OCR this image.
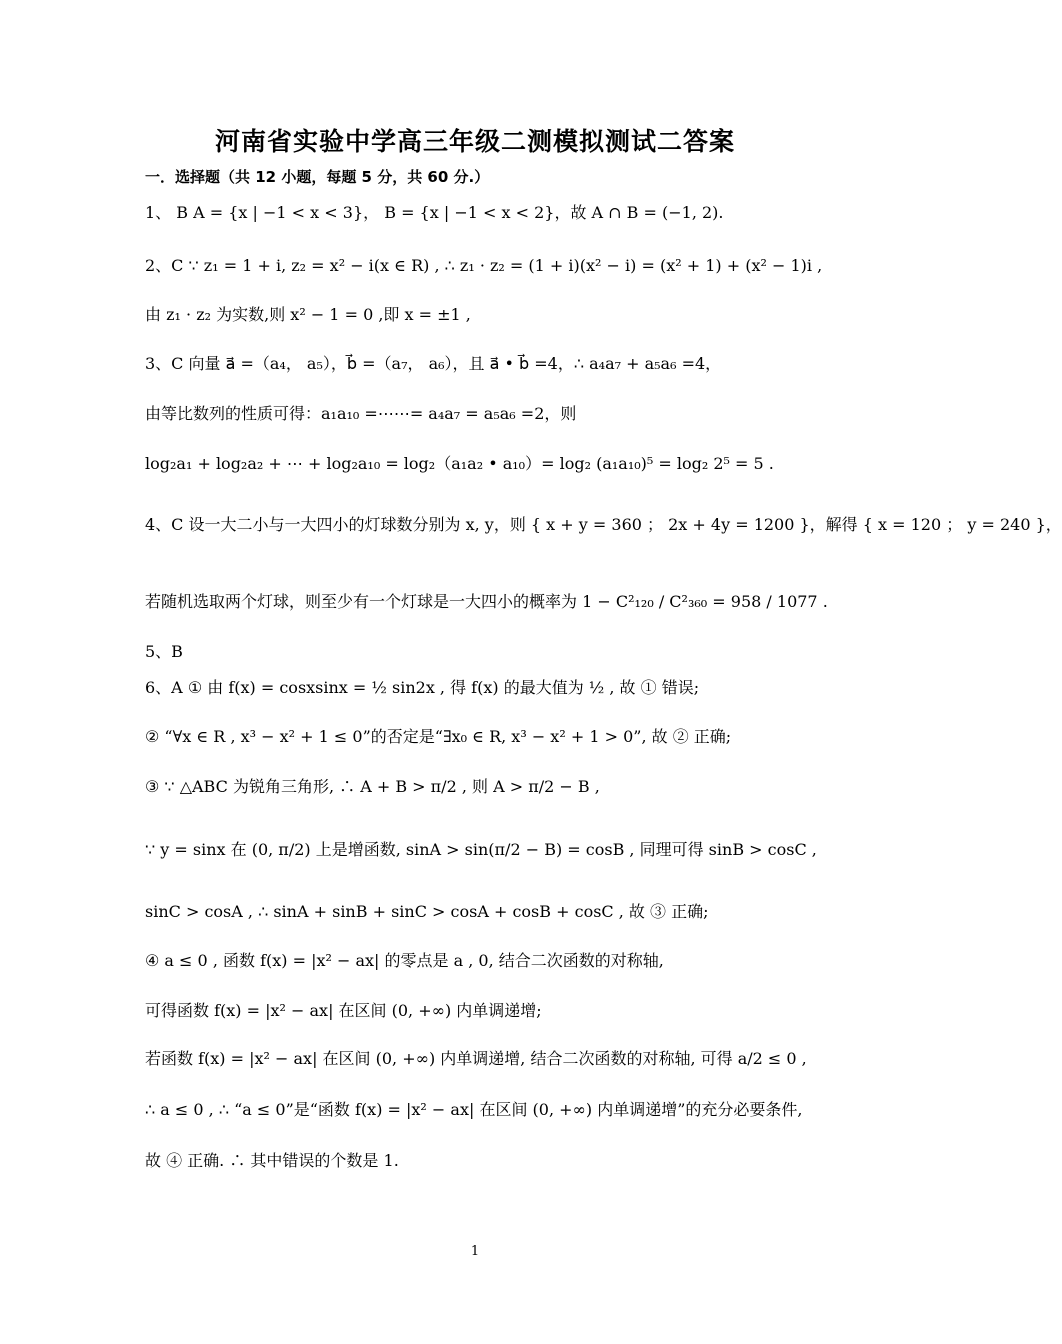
河南省实验中学高三年级二测模拟测试二答案
一．选择题（共 12 小题，每题 5 分，共 60 分.）
1、 B A = {x | −1 < x < 3}， B = {x | −1 < x < 2}，故 A ∩ B = (−1, 2).
2、C ∵ z₁ = 1 + i, z₂ = x² − i(x ∈ R) , ∴ z₁ · z₂ = (1 + i)(x² − i) = (x² + 1) + (x² − 1)i ,
由 z₁ · z₂ 为实数,则 x² − 1 = 0 ,即 x = ±1 ,
3、C 向量 a⃗ =（a₄， a₅），b⃗ =（a₇， a₆），且 a⃗ • b⃗ =4，∴ a₄a₇ + a₅a₆ =4，
由等比数列的性质可得：a₁a₁₀ =⋯⋯= a₄a₇ = a₅a₆ =2，则
log₂a₁ + log₂a₂ + ⋯ + log₂a₁₀ = log₂（a₁a₂ • a₁₀）= log₂ (a₁a₁₀)⁵ = log₂ 2⁵ = 5 .
4、C 设一大二小与一大四小的灯球数分别为 x, y，则 { x + y = 360 ； 2x + 4y = 1200 }，解得 { x = 120 ； y = 240 }，
若随机选取两个灯球，则至少有一个灯球是一大四小的概率为 1 − C²₁₂₀ / C²₃₆₀ = 958 / 1077 .
5、B
6、A ① 由 f(x) = cosxsinx = ½ sin2x , 得 f(x) 的最大值为 ½ , 故 ① 错误;
② “∀x ∈ R , x³ − x² + 1 ≤ 0”的否定是“∃x₀ ∈ R, x³ − x² + 1 > 0”, 故 ② 正确;
③ ∵ △ABC 为锐角三角形, ∴ A + B > π/2 , 则 A > π/2 − B ,
∵ y = sinx 在 (0, π/2) 上是增函数, sinA > sin(π/2 − B) = cosB , 同理可得 sinB > cosC ,
sinC > cosA , ∴ sinA + sinB + sinC > cosA + cosB + cosC , 故 ③ 正确;
④ a ≤ 0 , 函数 f(x) = |x² − ax| 的零点是 a , 0, 结合二次函数的对称轴,
可得函数 f(x) = |x² − ax| 在区间 (0, +∞) 内单调递增;
若函数 f(x) = |x² − ax| 在区间 (0, +∞) 内单调递增, 结合二次函数的对称轴, 可得 a/2 ≤ 0 ,
∴ a ≤ 0 , ∴ “a ≤ 0”是“函数 f(x) = |x² − ax| 在区间 (0, +∞) 内单调递增”的充分必要条件,
故 ④ 正确. ∴ 其中错误的个数是 1.
1
